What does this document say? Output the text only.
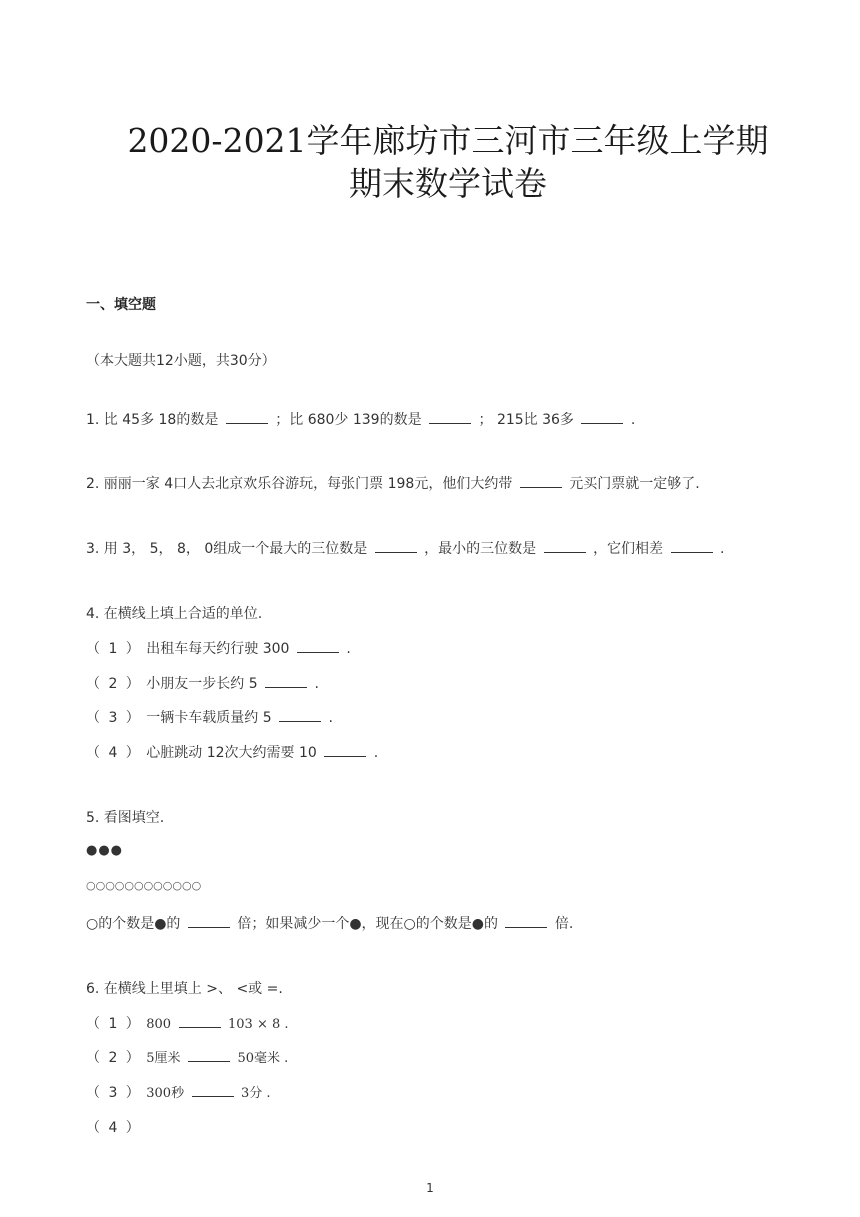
2020-2021学年廊坊市三河市三年级上学期
期末数学试卷
一、填空题
（本大题共12小题，共30分）
1. 比 45多 18的数是	；比 680少 139的数是	； 215比 36多	.
2. 丽丽一家 4口人去北京欢乐谷游玩，每张门票 198元，他们大约带	元买门票就一定够了.
3. 用 3， 5， 8， 0组成一个最大的三位数是	，最小的三位数是	，它们相差	.
4. 在横线上填上合适的单位.
（ 1 ） 出租车每天约行驶 300	.
（ 2 ） 小朋友一步长约 5	.
（ 3 ） 一辆卡车载质量约 5	.
（ 4 ） 心脏跳动 12次大约需要 10	.
5. 看图填空.
●●●
○○○○○○○○○○○○
○的个数是●的	倍；如果减少一个●，现在○的个数是●的	倍.
6. 在横线上里填上 >、 <或 =.
（ 1 ） 800	103 × 8 .
（ 2 ） 5厘米	50毫米 .
（ 3 ） 300秒	3分 .
（ 4 ）
1
